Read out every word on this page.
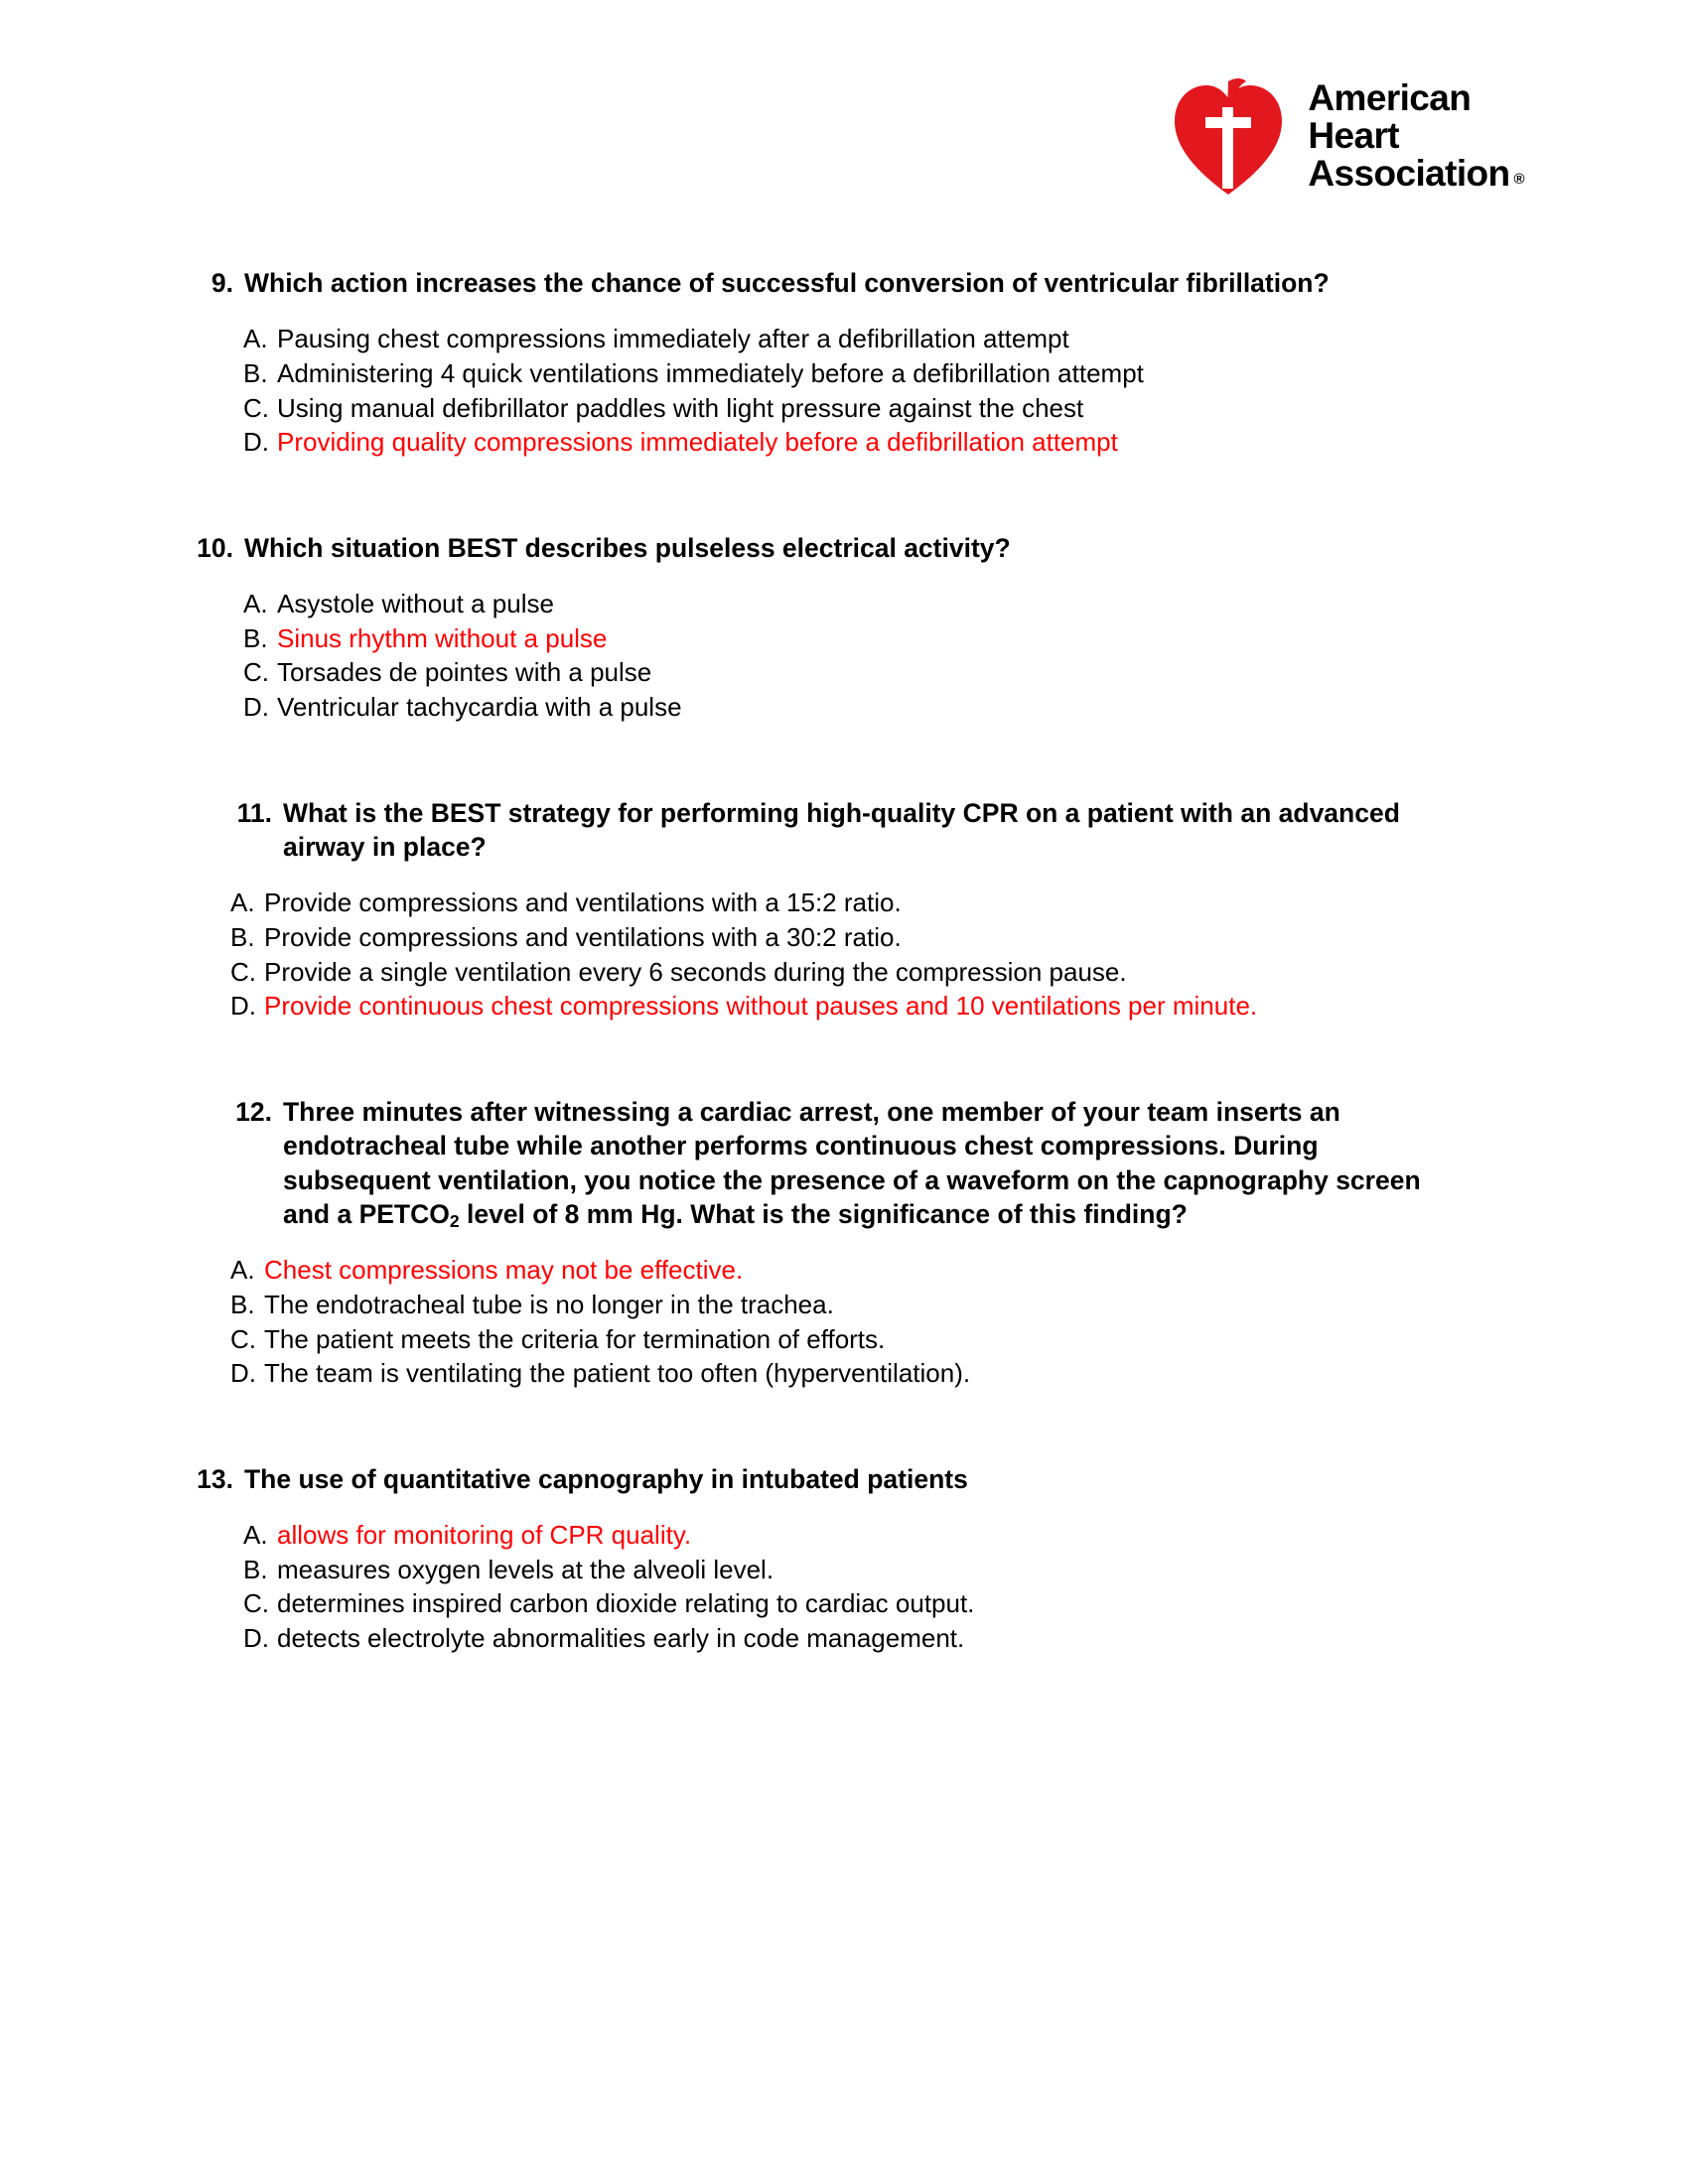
American
Heart
Association ®
9. Which action increases the chance of successful conversion of ventricular fibrillation?
A. Pausing chest compressions immediately after a defibrillation attempt
B. Administering 4 quick ventilations immediately before a defibrillation attempt
C. Using manual defibrillator paddles with light pressure against the chest
D. Providing quality compressions immediately before a defibrillation attempt
10. Which situation BEST describes pulseless electrical activity?
A. Asystole without a pulse
B. Sinus rhythm without a pulse
C. Torsades de pointes with a pulse
D. Ventricular tachycardia with a pulse
11. What is the BEST strategy for performing high-quality CPR on a patient with an advanced airway in place?
A. Provide compressions and ventilations with a 15:2 ratio.
B. Provide compressions and ventilations with a 30:2 ratio.
C. Provide a single ventilation every 6 seconds during the compression pause.
D. Provide continuous chest compressions without pauses and 10 ventilations per minute.
12. Three minutes after witnessing a cardiac arrest, one member of your team inserts an endotracheal tube while another performs continuous chest compressions. During subsequent ventilation, you notice the presence of a waveform on the capnography screen and a $PETCO_2$ level of 8 mm Hg. What is the significance of this finding?
A. Chest compressions may not be effective.
B. The endotracheal tube is no longer in the trachea.
C. The patient meets the criteria for termination of efforts.
D. The team is ventilating the patient too often (hyperventilation).
13. The use of quantitative capnography in intubated patients
A. allows for monitoring of CPR quality.
B. measures oxygen levels at the alveoli level.
C. determines inspired carbon dioxide relating to cardiac output.
D. detects electrolyte abnormalities early in code management.
